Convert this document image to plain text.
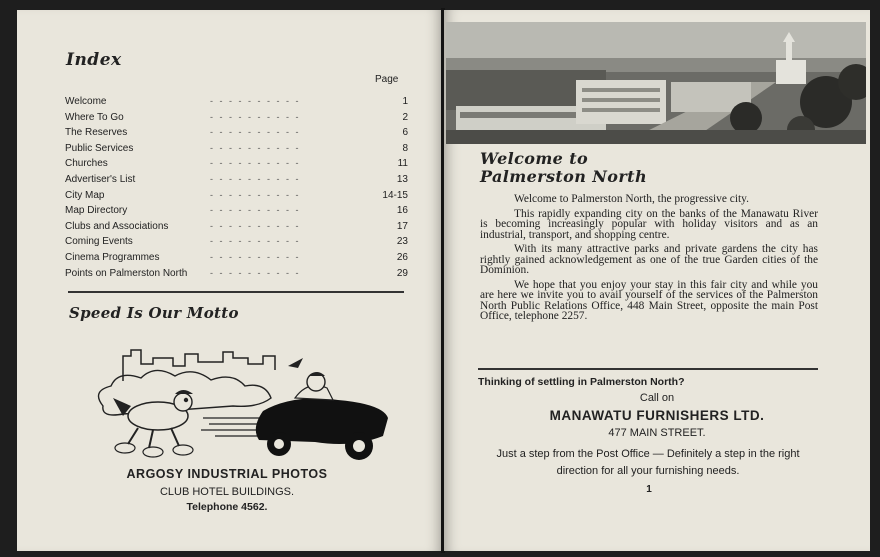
Index
Page
Welcome	- - - - - - - - - -	1
Where To Go	- - - - - - - - - -	2
The Reserves	- - - - - - - - - -	6
Public Services	- - - - - - - - - -	8
Churches	- - - - - - - - - -	11
Advertiser's List	- - - - - - - - - -	13
City Map	- - - - - - - - - -	14-15
Map Directory	- - - - - - - - - -	16
Clubs and Associations	- - - - - - - - - -	17
Coming Events	- - - - - - - - - -	23
Cinema Programmes	- - - - - - - - - -	26
Points on Palmerston North	- - - - - - - - - -	29
Speed Is Our Motto
ARGOSY INDUSTRIAL PHOTOS
CLUB HOTEL BUILDINGS.
Telephone 4562.
Welcome to
Palmerston North

Welcome to Palmerston North, the progressive city.

This rapidly expanding city on the banks of the Manawatu River is becoming increasingly popular with holiday visitors and as an industrial, transport, and shopping centre.

With its many attractive parks and private gardens the city has rightly gained acknowledgement as one of the true Garden cities of the Dominion.

We hope that you enjoy your stay in this fair city and while you are here we invite you to avail yourself of the services of the Palmerston North Public Relations Office, 448 Main Street, opposite the main Post Office, telephone 2257.

Thinking of settling in Palmerston North?
Call on
MANAWATU FURNISHERS LTD.
477 MAIN STREET.
Just a step from the Post Office — Definitely a step in the right direction for all your furnishing needs.
1
